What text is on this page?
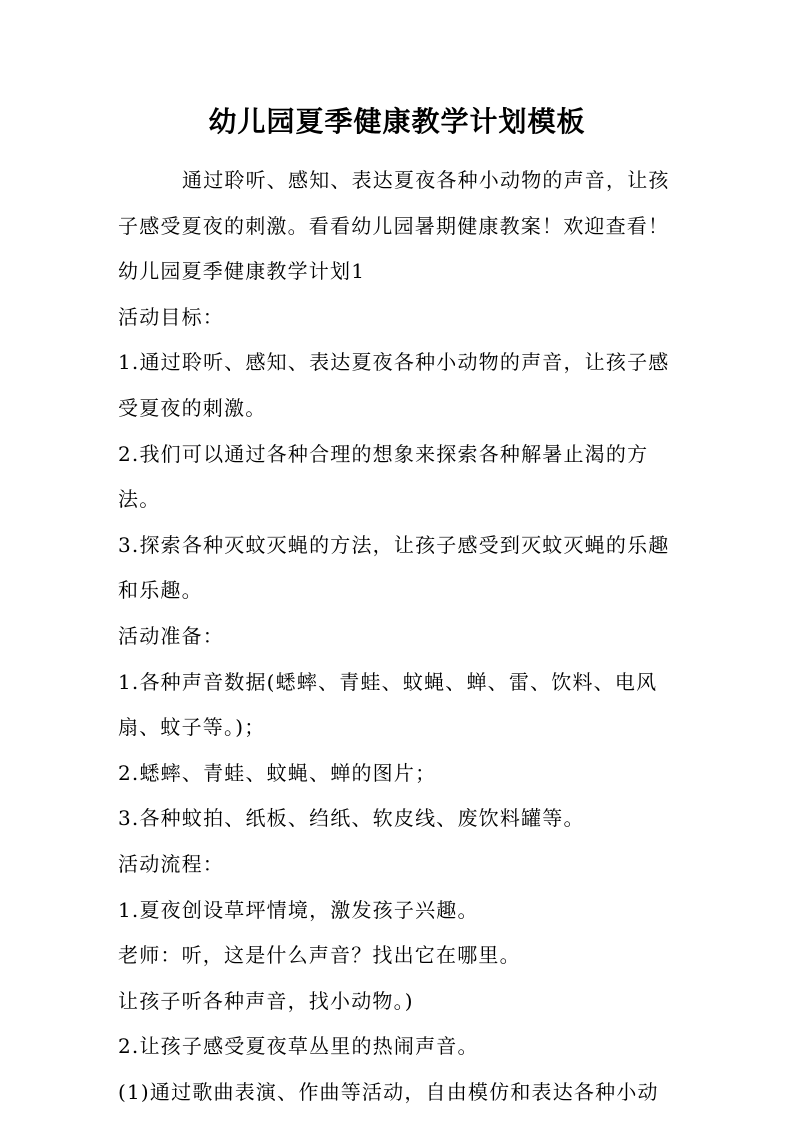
幼儿园夏季健康教学计划模板

通过聆听、感知、表达夏夜各种小动物的声音，让孩子感受夏夜的刺激。看看幼儿园暑期健康教案！欢迎查看！

幼儿园夏季健康教学计划1

活动目标：

1.通过聆听、感知、表达夏夜各种小动物的声音，让孩子感受夏夜的刺激。

2.我们可以通过各种合理的想象来探索各种解暑止渴的方法。

3.探索各种灭蚊灭蝇的方法，让孩子感受到灭蚊灭蝇的乐趣和乐趣。

活动准备：

1.各种声音数据(蟋蟀、青蛙、蚊蝇、蝉、雷、饮料、电风扇、蚊子等。)；

2.蟋蟀、青蛙、蚊蝇、蝉的图片；

3.各种蚊拍、纸板、绉纸、软皮线、废饮料罐等。

活动流程：

1.夏夜创设草坪情境，激发孩子兴趣。

老师：听，这是什么声音？找出它在哪里。

让孩子听各种声音，找小动物。)

2.让孩子感受夏夜草丛里的热闹声音。

(1)通过歌曲表演、作曲等活动，自由模仿和表达各种小动
